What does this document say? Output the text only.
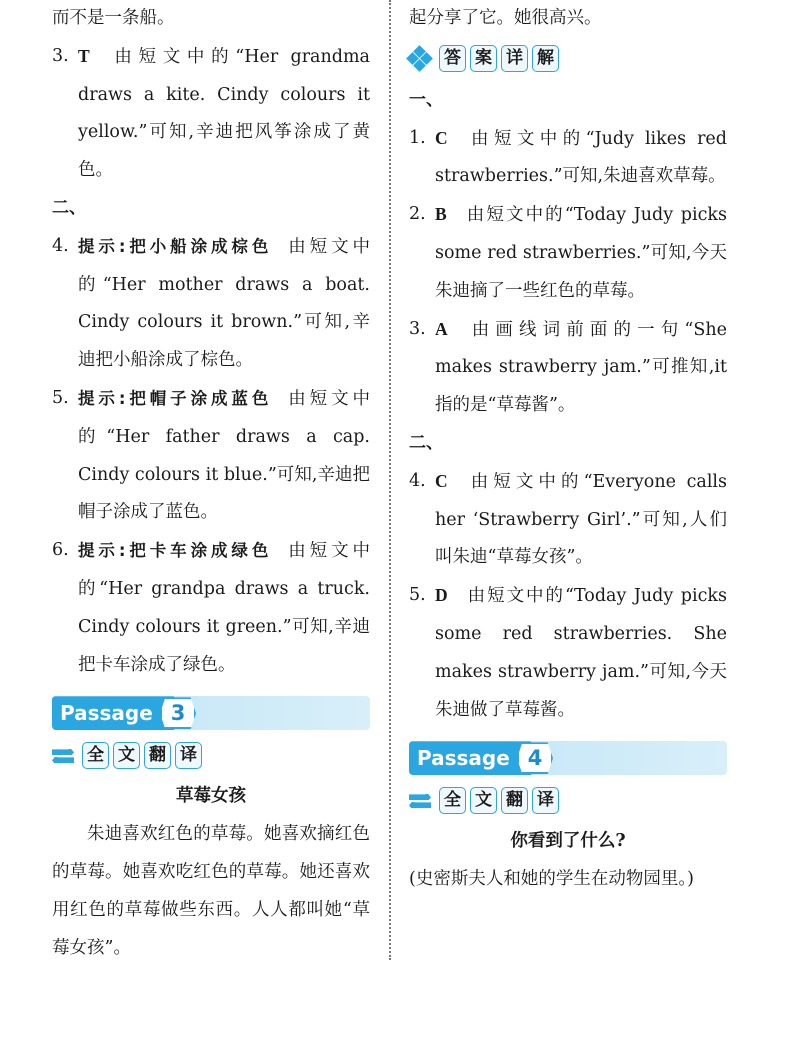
而不是一条船。
3. T 由短文中的“Her grandma draws a kite. Cindy colours it yellow.”可知,辛迪把风筝涂成了黄色。
二、
4. 提示:把小船涂成棕色 由短文中的“Her mother draws a boat. Cindy colours it brown.”可知,辛迪把小船涂成了棕色。
5. 提示:把帽子涂成蓝色 由短文中的“Her father draws a cap. Cindy colours it blue.”可知,辛迪把帽子涂成了蓝色。
6. 提示:把卡车涂成绿色 由短文中的“Her grandpa draws a truck. Cindy colours it green.”可知,辛迪把卡车涂成了绿色。
Passage 3
全 文 翻 译
草莓女孩
朱迪喜欢红色的草莓。她喜欢摘红色的草莓。她喜欢吃红色的草莓。她还喜欢用红色的草莓做些东西。人人都叫她“草莓女孩”。
起分享了它。她很高兴。
答 案 详 解
一、
1. C 由短文中的“Judy likes red strawberries.”可知,朱迪喜欢草莓。
2. B 由短文中的“Today Judy picks some red strawberries.”可知,今天朱迪摘了一些红色的草莓。
3. A 由画线词前面的一句“She makes strawberry jam.”可推知,it指的是“草莓酱”。
二、
4. C 由短文中的“Everyone calls her ‘Strawberry Girl’.”可知,人们叫朱迪“草莓女孩”。
5. D 由短文中的“Today Judy picks some red strawberries. She makes strawberry jam.”可知,今天朱迪做了草莓酱。
Passage 4
全 文 翻 译
你看到了什么?
(史密斯夫人和她的学生在动物园里。)
